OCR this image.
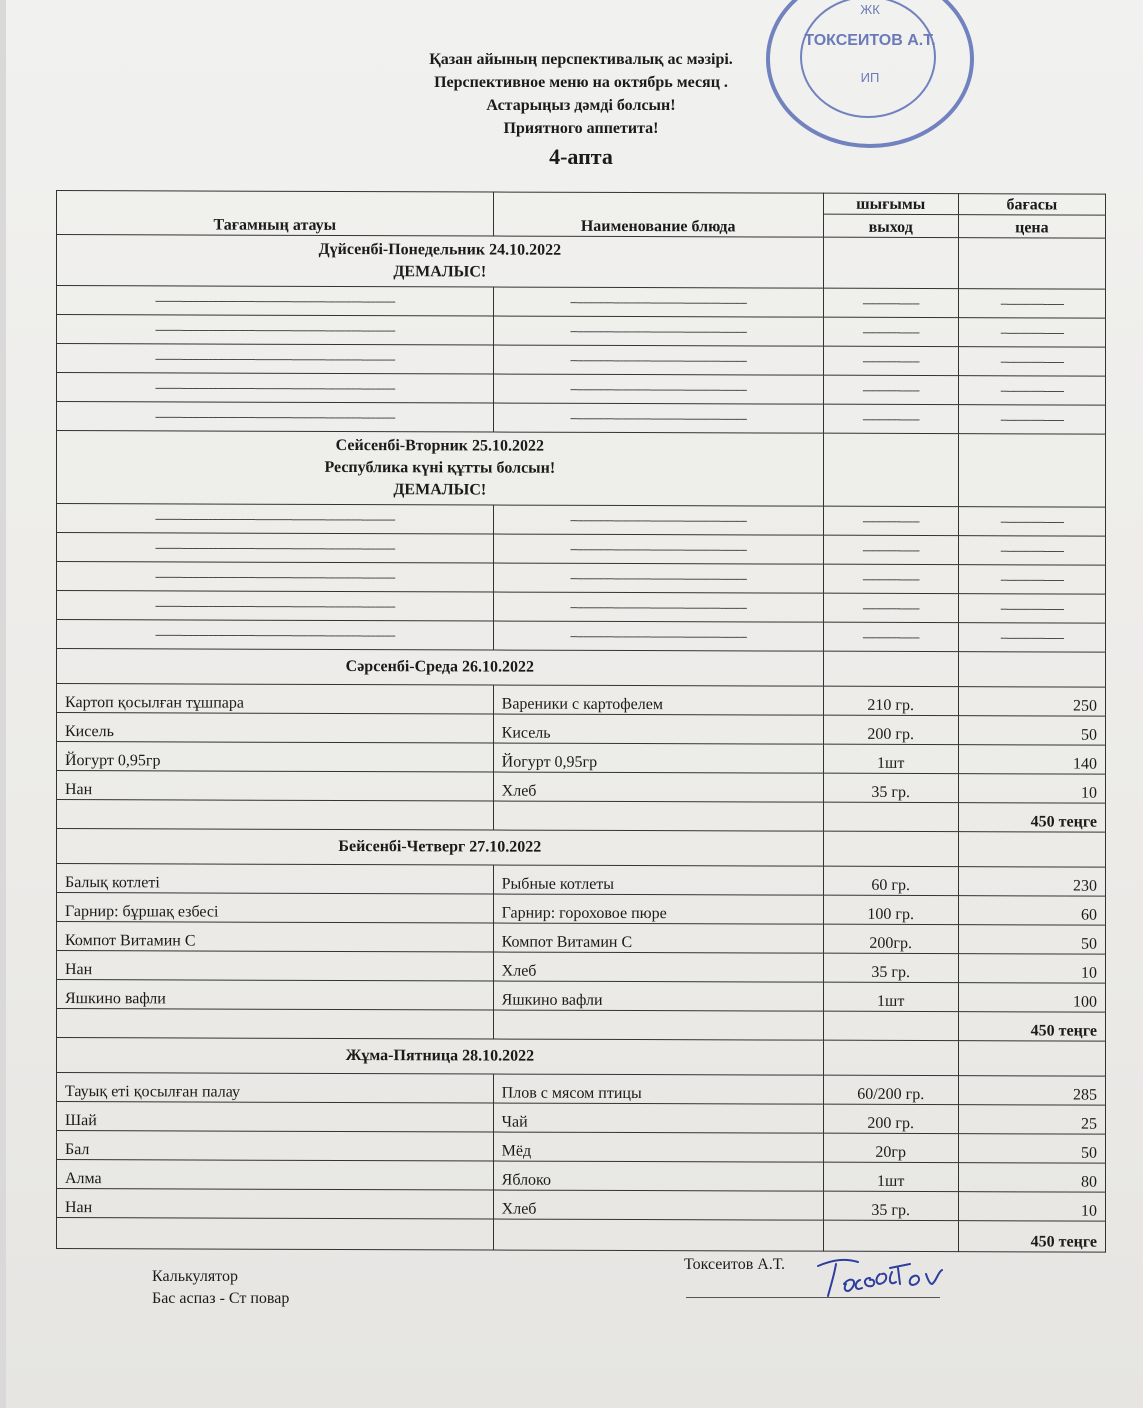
ЖК
ТОКСЕИТОВ А.Т.
ИП
Қазан айының перспективалық ас мәзірі.
Перспективное меню на октябрь месяц .
Астарыңыз дәмді болсын!
Приятного аппетита!
4-апта
Тағамның атауы	Наименование блюда	шығымы	бағасы
		выход	цена

Дүйсенбі-Понедельник 24.10.2022
ДЕМАЛЫС!			

------------------------------------------------------------------------	-----------------------------------------------------	-----------------	-------------------
------------------------------------------------------------------------	-----------------------------------------------------	-----------------	-------------------
------------------------------------------------------------------------	-----------------------------------------------------	-----------------	-------------------
------------------------------------------------------------------------	-----------------------------------------------------	-----------------	-------------------
------------------------------------------------------------------------	-----------------------------------------------------	-----------------	-------------------

Сейсенбі-Вторник 25.10.2022
Республика күні құтты болсын!
ДЕМАЛЫС!			

------------------------------------------------------------------------	-----------------------------------------------------	-----------------	-------------------
------------------------------------------------------------------------	-----------------------------------------------------	-----------------	-------------------
------------------------------------------------------------------------	-----------------------------------------------------	-----------------	-------------------
------------------------------------------------------------------------	-----------------------------------------------------	-----------------	-------------------
------------------------------------------------------------------------	-----------------------------------------------------	-----------------	-------------------
Сәрсенбі-Среда 26.10.2022			
Картоп қосылған тұшпара	Вареники с картофелем	210 гр.	250
Кисель	Кисель	200 гр.	50
Йогурт 0,95гр	Йогурт 0,95гр	1шт	140
Нан	Хлеб	35 гр.	10
			450 теңге
Бейсенбі-Четверг 27.10.2022			
Балық котлеті	Рыбные котлеты	60 гр.	230
Гарнир: бұршақ езбесі	Гарнир: гороховое пюре	100 гр.	60
Компот Витамин С	Компот Витамин С	200гр.	50
Нан	Хлеб	35 гр.	10
Яшкино вафли	Яшкино вафли	1шт	100
			450 теңге
Жұма-Пятница 28.10.2022			
Тауық еті қосылған палау	Плов с мясом птицы	60/200 гр.	285
Шай	Чай	200 гр.	25
Бал	Мёд	20гр	50
Алма	Яблоко	1шт	80
Нан	Хлеб	35 гр.	10
			450 теңге
Калькулятор
Бас аспаз - Ст повар
Токсеитов А.Т.
